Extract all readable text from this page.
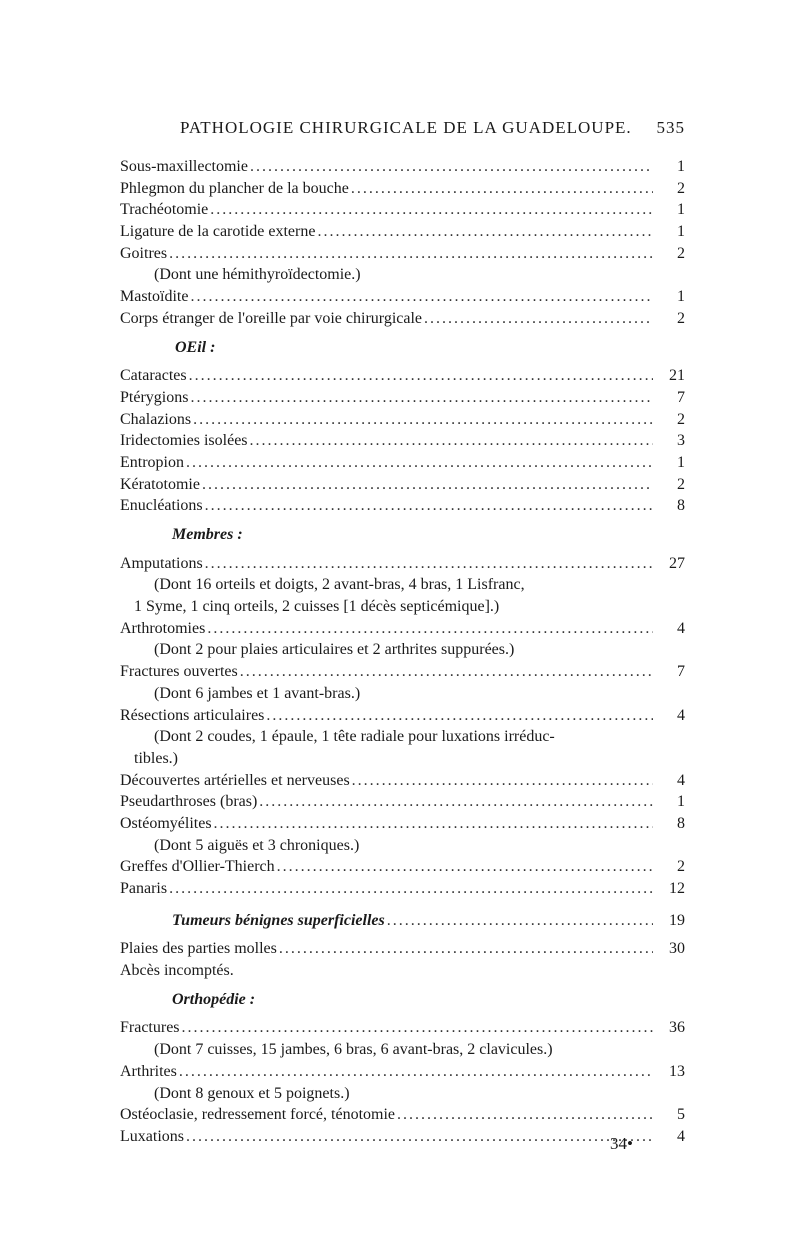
PATHOLOGIE CHIRURGICALE DE LA GUADELOUPE. 535
Sous-maxillectomie .....	1
Phlegmon du plancher de la bouche .....	2
Trachéotomie .....	1
Ligature de la carotide externe .....	1
Goitres .....	2
(Dont une hémithyroïdectomie.)
Mastoïdite .....	1
Corps étranger de l'oreille par voie chirurgicale .....	2
OEil :
Cataractes .....	21
Ptérygions .....	7
Chalazions .....	2
Iridectomies isolées .....	3
Entropion .....	1
Kératotomie .....	2
Enucléations .....	8
Membres :
Amputations .....	27
(Dont 16 orteils et doigts, 2 avant-bras, 4 bras, 1 Lisfranc,
1 Syme, 1 cinq orteils, 2 cuisses [1 décès septicémique].)
Arthrotomies .....	4
(Dont 2 pour plaies articulaires et 2 arthrites suppurées.)
Fractures ouvertes .....	7
(Dont 6 jambes et 1 avant-bras.)
Résections articulaires .....	4
(Dont 2 coudes, 1 épaule, 1 tête radiale pour luxations irréduc-
tibles.)
Découvertes artérielles et nerveuses .....	4
Pseudarthroses (bras) .....	1
Ostéomyélites .....	8
(Dont 5 aiguës et 3 chroniques.)
Greffes d'Ollier-Thierch .....	2
Panaris .....	12
Tumeurs bénignes superficielles .....	19
Plaies des parties molles .....	30
Abcès incomptés.
Orthopédie :
Fractures .....	36
(Dont 7 cuisses, 15 jambes, 6 bras, 6 avant-bras, 2 clavicules.)
Arthrites .....	13
(Dont 8 genoux et 5 poignets.)
Ostéoclasie, redressement forcé, ténotomie .....	5
Luxations .....	4
34•
